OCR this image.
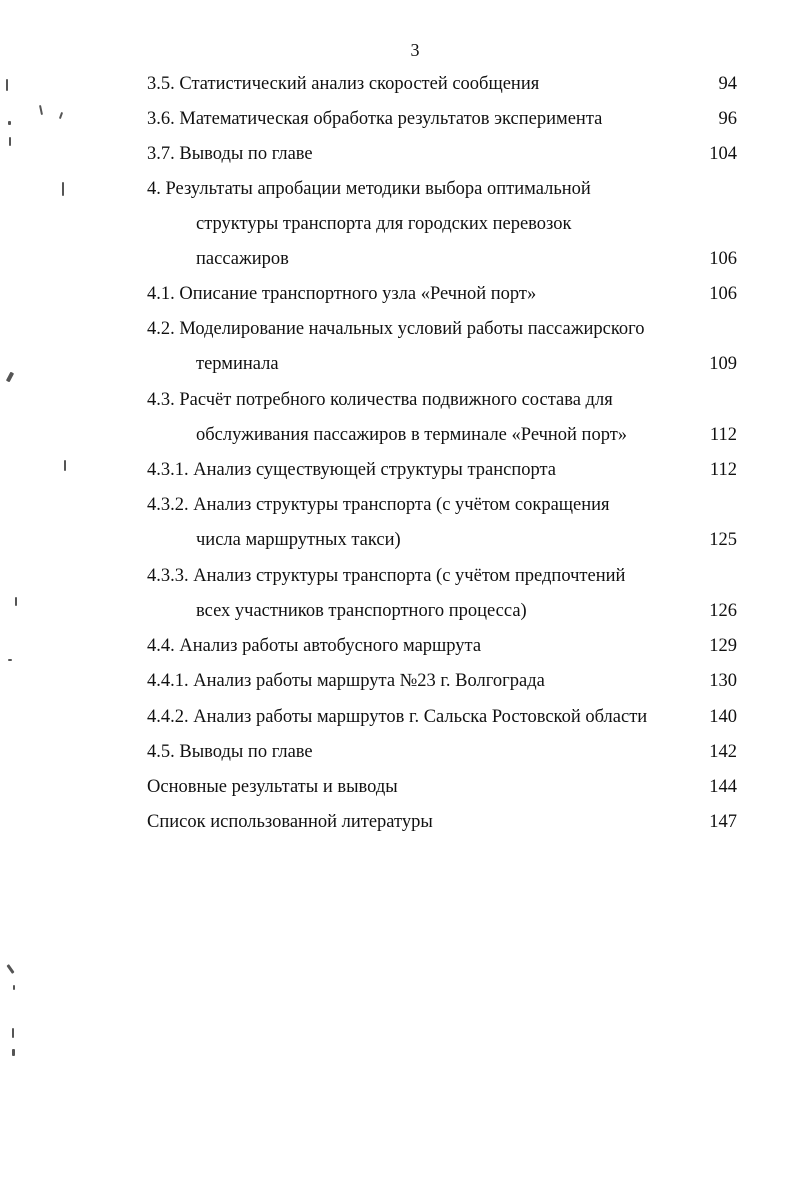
3
3.5. Статистический анализ скоростей сообщения	94
3.6. Математическая обработка результатов эксперимента	96
3.7. Выводы по главе	104
4. Результаты апробации методики выбора оптимальной
структуры транспорта для городских перевозок
пассажиров	106
4.1. Описание транспортного узла «Речной порт»	106
4.2. Моделирование начальных условий работы пассажирского
терминала	109
4.3. Расчёт потребного количества подвижного состава для
обслуживания пассажиров в терминале «Речной порт»	112
4.3.1. Анализ существующей структуры транспорта	112
4.3.2. Анализ структуры транспорта (с учётом сокращения
числа маршрутных такси)	125
4.3.3. Анализ структуры транспорта (с учётом предпочтений
всех участников транспортного процесса)	126
4.4. Анализ работы автобусного маршрута	129
4.4.1. Анализ работы маршрута №23 г. Волгограда	130
4.4.2. Анализ работы маршрутов г. Сальска Ростовской области	140
4.5. Выводы по главе	142
Основные результаты и выводы	144
Список использованной литературы	147
